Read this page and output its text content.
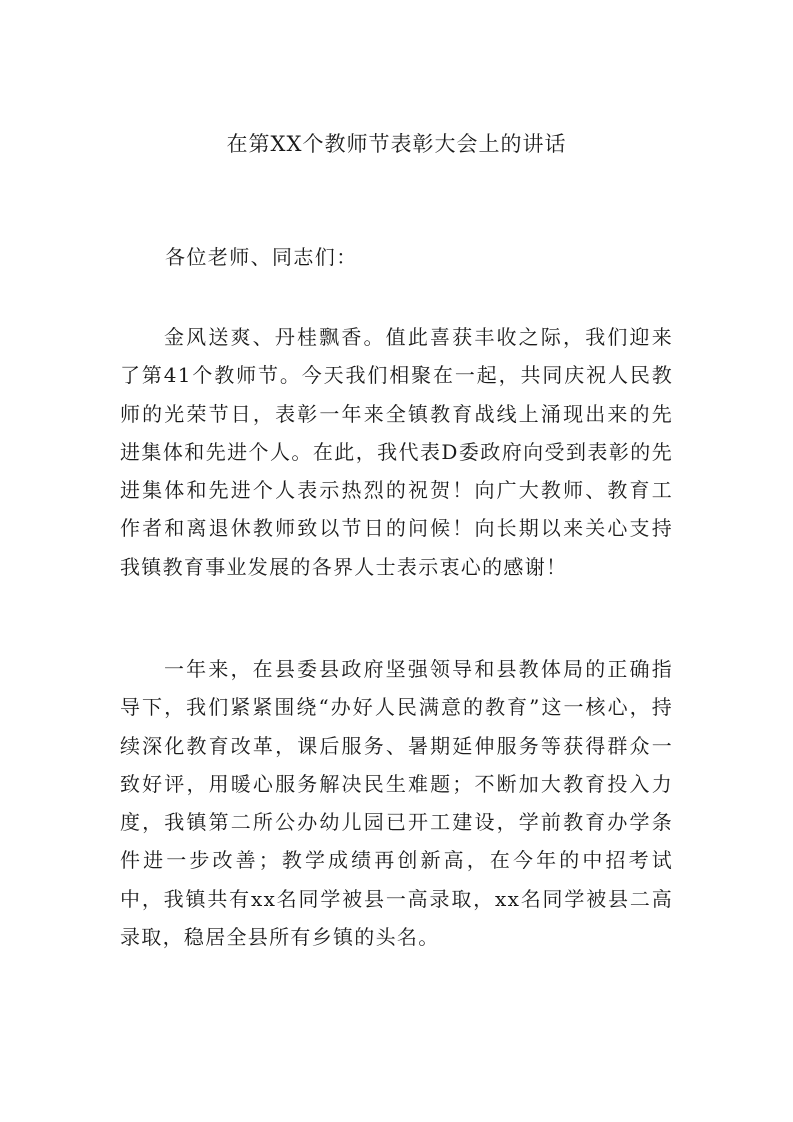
在第XX个教师节表彰大会上的讲话
各位老师、同志们：

金风送爽、丹桂飘香。值此喜获丰收之际，我们迎来了第41个教师节。今天我们相聚在一起，共同庆祝人民教师的光荣节日，表彰一年来全镇教育战线上涌现出来的先进集体和先进个人。在此，我代表D委政府向受到表彰的先进集体和先进个人表示热烈的祝贺！向广大教师、教育工作者和离退休教师致以节日的问候！向长期以来关心支持我镇教育事业发展的各界人士表示衷心的感谢！

一年来，在县委县政府坚强领导和县教体局的正确指导下，我们紧紧围绕“办好人民满意的教育”这一核心，持续深化教育改革，课后服务、暑期延伸服务等获得群众一致好评，用暖心服务解决民生难题；不断加大教育投入力度，我镇第二所公办幼儿园已开工建设，学前教育办学条件进一步改善；教学成绩再创新高，在今年的中招考试中，我镇共有xx名同学被县一高录取，xx名同学被县二高录取，稳居全县所有乡镇的头名。
